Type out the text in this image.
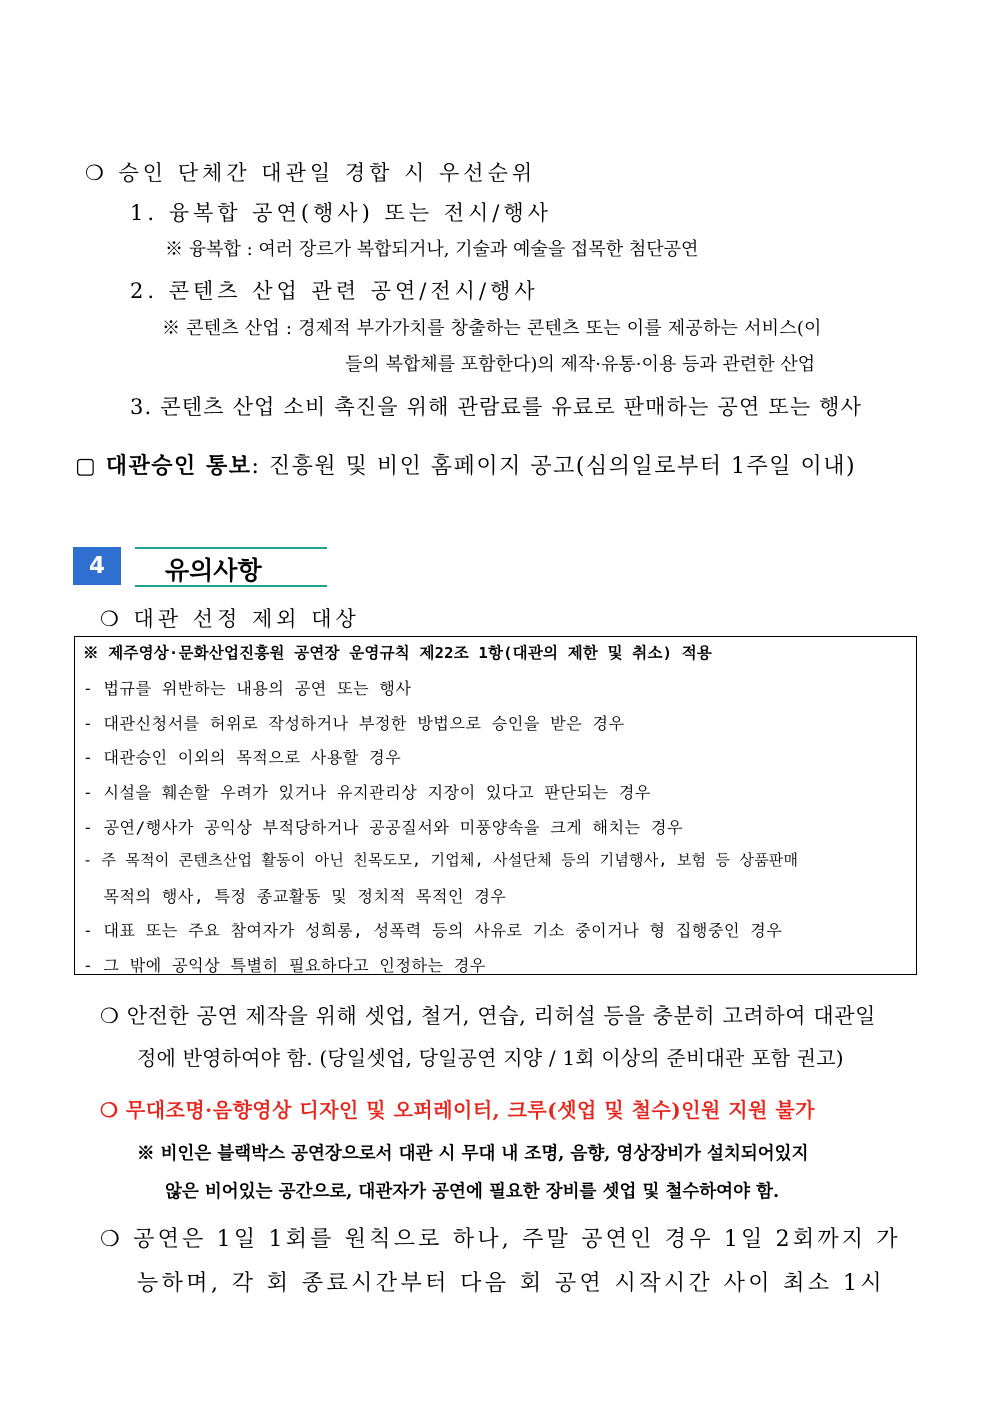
❍ 승인 단체간 대관일 경합 시 우선순위
1. 융복합 공연(행사) 또는 전시/행사
※ 융복합 : 여러 장르가 복합되거나, 기술과 예술을 접목한 첨단공연
2. 콘텐츠 산업 관련 공연/전시/행사
※ 콘텐츠 산업 : 경제적 부가가치를 창출하는 콘텐츠 또는 이를 제공하는 서비스(이
들의 복합체를 포함한다)의 제작·유통·이용 등과 관련한 산업
3. 콘텐츠 산업 소비 촉진을 위해 관람료를 유료로 판매하는 공연 또는 행사
▢ 대관승인 통보: 진흥원 및 비인 홈페이지 공고(심의일로부터 1주일 이내)
4	유의사항
❍ 대관 선정 제외 대상
※ 제주영상·문화산업진흥원 공연장 운영규칙 제22조 1항(대관의 제한 및 취소) 적용
- 법규를 위반하는 내용의 공연 또는 행사
- 대관신청서를 허위로 작성하거나 부정한 방법으로 승인을 받은 경우
- 대관승인 이외의 목적으로 사용할 경우
- 시설을 훼손할 우려가 있거나 유지관리상 지장이 있다고 판단되는 경우
- 공연/행사가 공익상 부적당하거나 공공질서와 미풍양속을 크게 해치는 경우
- 주 목적이 콘텐츠산업 활동이 아닌 친목도모, 기업체, 사설단체 등의 기념행사, 보험 등 상품판매
목적의 행사, 특정 종교활동 및 정치적 목적인 경우
- 대표 또는 주요 참여자가 성희롱, 성폭력 등의 사유로 기소 중이거나 형 집행중인 경우
- 그 밖에 공익상 특별히 필요하다고 인정하는 경우
❍ 안전한 공연 제작을 위해 셋업, 철거, 연습, 리허설 등을 충분히 고려하여 대관일
정에 반영하여야 함. (당일셋업, 당일공연 지양 / 1회 이상의 준비대관 포함 권고)
❍ 무대조명·음향영상 디자인 및 오퍼레이터, 크루(셋업 및 철수)인원 지원 불가
※ 비인은 블랙박스 공연장으로서 대관 시 무대 내 조명, 음향, 영상장비가 설치되어있지
않은 비어있는 공간으로, 대관자가 공연에 필요한 장비를 셋업 및 철수하여야 함.
❍ 공연은 1일 1회를 원칙으로 하나, 주말 공연인 경우 1일 2회까지 가
능하며, 각 회 종료시간부터 다음 회 공연 시작시간 사이 최소 1시
